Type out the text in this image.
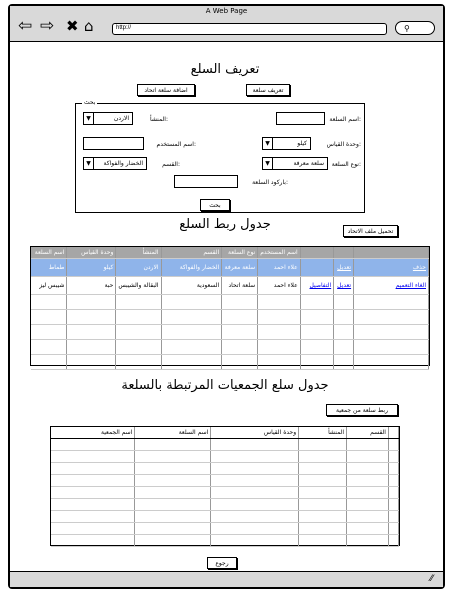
A Web Page
⇦ ⇨ ✖ ⌂	http://	⚲
تعريف السلع
اضافة سلعة اتحاد	تعريف سلعة
بحث
اسم السلعة:
المنشأ:
▼	الاردن
وحدة القياس:
▼	كيلو
اسم المستخدم:
نوع السلعة:
▼	سلعة معرفة
القسم:
▼	الخضار والفواكة
باركود السلعة:
بحث
جدول ربط السلع	تحميل ملف الاتحاد
اسم السلعة	وحدة القياس	المنشأ	القسم	نوع السلعة	اسم المستخدم			
طماط	كيلو	الاردن	الخضار والفواكة	سلعة معرفة	علاء احمد		تعديل	حذف
شيبس ليز	حبة	البقالة والشيبس	السعودية	سلعة اتحاد	علاء احمد	التفاصيل	تعديل	الغاء التعميم

جدول سلع الجمعيات المرتبطة بالسلعة
ربط سلعة من جمعية
اسم الجمعية	اسم السلعة	وحدة القياس	المنشأ	القسم	

رجوع
⁄⁄
